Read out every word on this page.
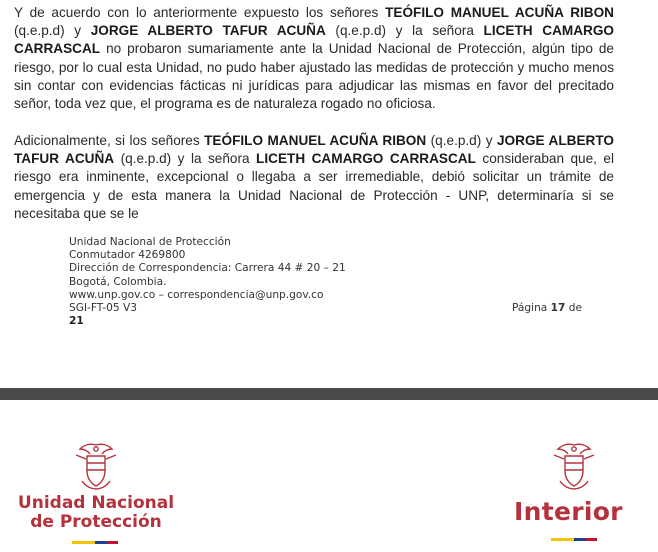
Y de acuerdo con lo anteriormente expuesto los señores TEÓFILO MANUEL ACUÑA RIBON (q.e.p.d) y JORGE ALBERTO TAFUR ACUÑA (q.e.p.d) y la señora LICETH CAMARGO CARRASCAL no probaron sumariamente ante la Unidad Nacional de Protección, algún tipo de riesgo, por lo cual esta Unidad, no pudo haber ajustado las medidas de protección y mucho menos sin contar con evidencias fácticas ni jurídicas para adjudicar las mismas en favor del precitado señor, toda vez que, el programa es de naturaleza rogado no oficiosa.

Adicionalmente, si los señores TEÓFILO MANUEL ACUÑA RIBON (q.e.p.d) y JORGE ALBERTO TAFUR ACUÑA (q.e.p.d) y la señora LICETH CAMARGO CARRASCAL consideraban que, el riesgo era inminente, excepcional o llegaba a ser irremediable, debió solicitar un trámite de emergencia y de esta manera la Unidad Nacional de Protección - UNP, determinaría si se necesitaba que se le

Unidad Nacional de Protección
Conmutador 4269800
Dirección de Correspondencia: Carrera 44 # 20 – 21
Bogotá, Colombia.
www.unp.gov.co – correspondencia@unp.gov.co
SGI-FT-05 V3	Página 17 de
21
Unidad Nacional
de Protección	Interior
